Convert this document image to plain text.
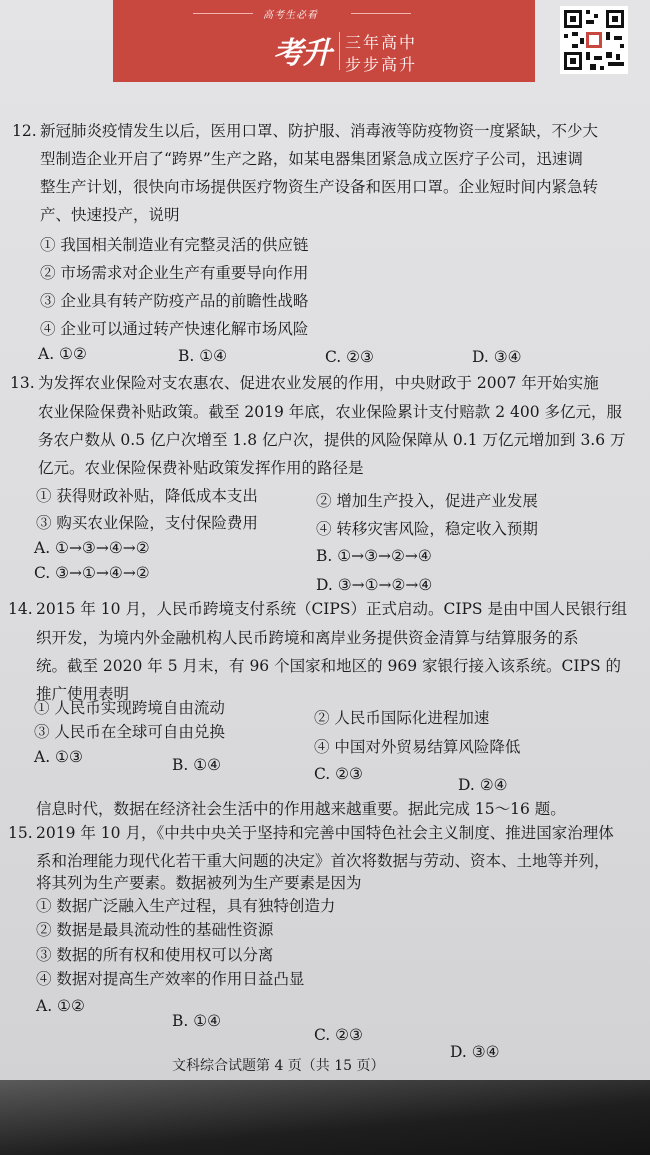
高考生必看
考升 三年高中
步步高升
12. 新冠肺炎疫情发生以后，医用口罩、防护服、消毒液等防疫物资一度紧缺，不少大
型制造企业开启了“跨界”生产之路，如某电器集团紧急成立医疗子公司，迅速调
整生产计划，很快向市场提供医疗物资生产设备和医用口罩。企业短时间内紧急转
产、快速投产，说明
① 我国相关制造业有完整灵活的供应链
② 市场需求对企业生产有重要导向作用
③ 企业具有转产防疫产品的前瞻性战略
④ 企业可以通过转产快速化解市场风险
A. ①②	B. ①④	C. ②③	D. ③④
13. 为发挥农业保险对支农惠农、促进农业发展的作用，中央财政于 2007 年开始实施
农业保险保费补贴政策。截至 2019 年底，农业保险累计支付赔款 2 400 多亿元，服
务农户数从 0.5 亿户次增至 1.8 亿户次，提供的风险保障从 0.1 万亿元增加到 3.6 万
亿元。农业保险保费补贴政策发挥作用的路径是
① 获得财政补贴，降低成本支出	② 增加生产投入，促进产业发展
③ 购买农业保险，支付保险费用	④ 转移灾害风险，稳定收入预期
A. ①→③→④→②	B. ①→③→②→④
C. ③→①→④→②
D. ③→①→②→④
14. 2015 年 10 月，人民币跨境支付系统（CIPS）正式启动。CIPS 是由中国人民银行组
织开发，为境内外金融机构人民币跨境和离岸业务提供资金清算与结算服务的系
统。截至 2020 年 5 月末，有 96 个国家和地区的 969 家银行接入该系统。CIPS 的
推广使用表明
① 人民币实现跨境自由流动
② 人民币国际化进程加速
③ 人民币在全球可自由兑换
④ 中国对外贸易结算风险降低
A. ①③	B. ①④	C. ②③
D. ②④
信息时代，数据在经济社会生活中的作用越来越重要。据此完成 15～16 题。
15. 2019 年 10 月，《中共中央关于坚持和完善中国特色社会主义制度、推进国家治理体
系和治理能力现代化若干重大问题的决定》首次将数据与劳动、资本、土地等并列，
将其列为生产要素。数据被列为生产要素是因为
① 数据广泛融入生产过程，具有独特创造力
② 数据是最具流动性的基础性资源
③ 数据的所有权和使用权可以分离
④ 数据对提高生产效率的作用日益凸显
A. ①②
B. ①④
C. ②③
D. ③④
文科综合试题第 4 页（共 15 页）
